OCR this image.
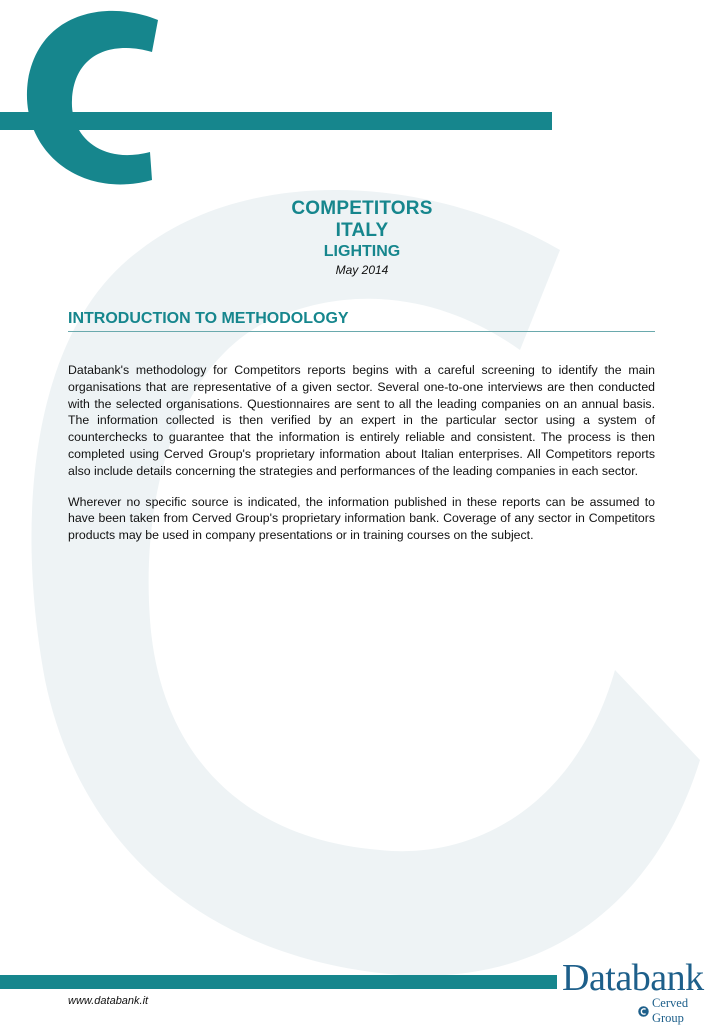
COMPETITORS
ITALY
LIGHTING
May 2014
INTRODUCTION TO METHODOLOGY

Databank's methodology for Competitors reports begins with a careful screening to identify the main organisations that are representative of a given sector. Several one-to-one interviews are then conducted with the selected organisations. Questionnaires are sent to all the leading companies on an annual basis. The information collected is then verified by an expert in the particular sector using a system of counterchecks to guarantee that the information is entirely reliable and consistent. The process is then completed using Cerved Group's proprietary information about Italian enterprises. All Competitors reports also include details concerning the strategies and performances of the leading companies in each sector.

Wherever no specific source is indicated, the information published in these reports can be assumed to have been taken from Cerved Group's proprietary information bank. Coverage of any sector in Competitors products may be used in company presentations or in training courses on the subject.

www.databank.it
Databank
Cerved Group
